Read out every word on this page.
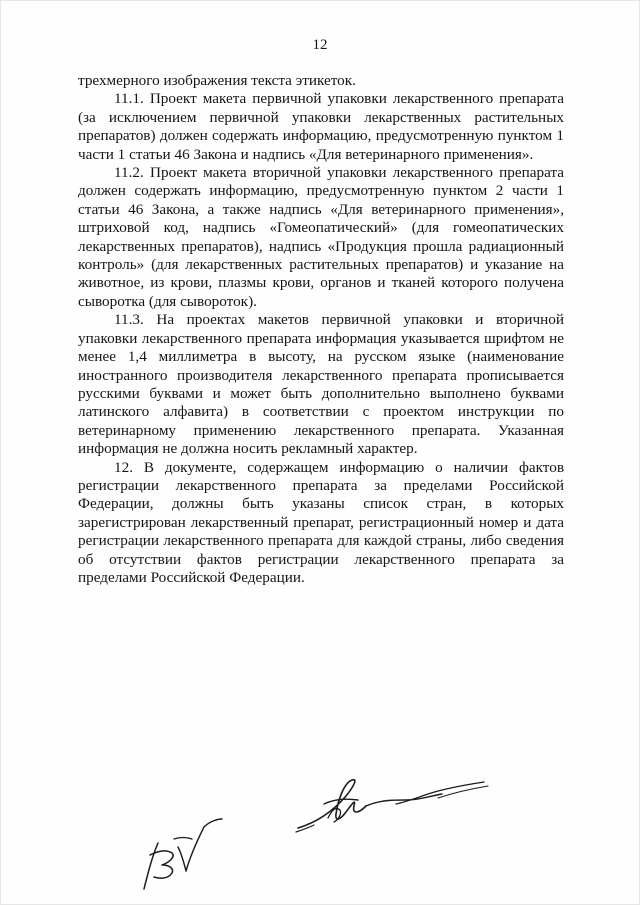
12

трехмерного изображения текста этикеток.

11.1. Проект макета первичной упаковки лекарственного препарата (за исключением первичной упаковки лекарственных растительных препаратов) должен содержать информацию, предусмотренную пунктом 1 части 1 статьи 46 Закона и надпись «Для ветеринарного применения».

11.2. Проект макета вторичной упаковки лекарственного препарата должен содержать информацию, предусмотренную пунктом 2 части 1 статьи 46 Закона, а также надпись «Для ветеринарного применения», штриховой код, надпись «Гомеопатический» (для гомеопатических лекарственных препаратов), надпись «Продукция прошла радиационный контроль» (для лекарственных растительных препаратов) и указание на животное, из крови, плазмы крови, органов и тканей которого получена сыворотка (для сывороток).

11.3. На проектах макетов первичной упаковки и вторичной упаковки лекарственного препарата информация указывается шрифтом не менее 1,4 миллиметра в высоту, на русском языке (наименование иностранного производителя лекарственного препарата прописывается русскими буквами и может быть дополнительно выполнено буквами латинского алфавита) в соответствии с проектом инструкции по ветеринарному применению лекарственного препарата. Указанная информация не должна носить рекламный характер.

12. В документе, содержащем информацию о наличии фактов регистрации лекарственного препарата за пределами Российской Федерации, должны быть указаны список стран, в которых зарегистрирован лекарственный препарат, регистрационный номер и дата регистрации лекарственного препарата для каждой страны, либо сведения об отсутствии фактов регистрации лекарственного препарата за пределами Российской Федерации.
